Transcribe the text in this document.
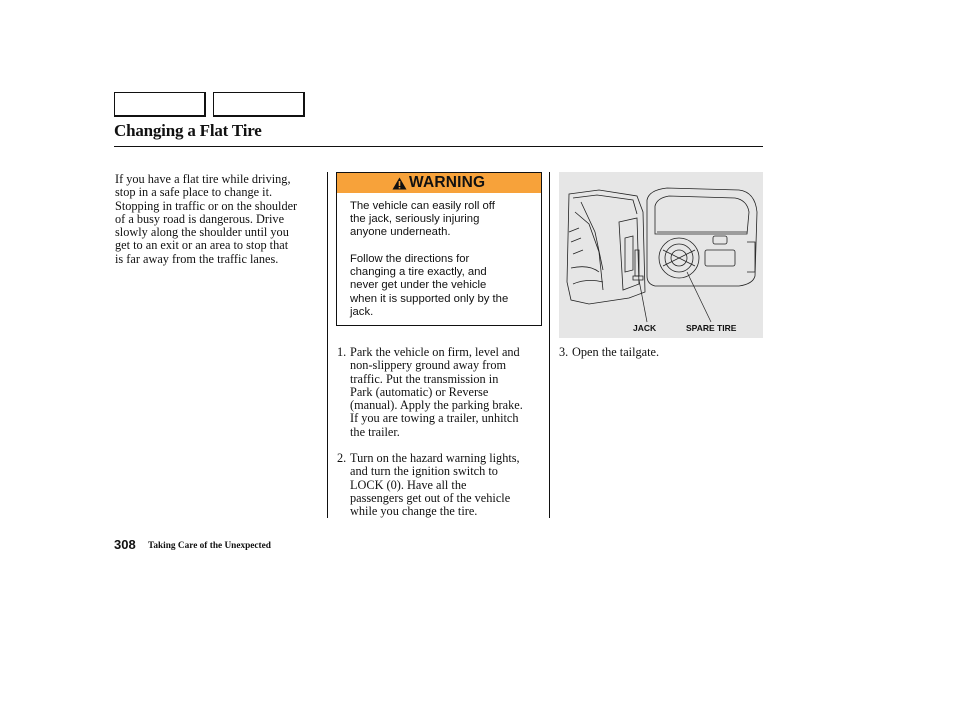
Changing a Flat Tire
If you have a flat tire while driving,
stop in a safe place to change it.
Stopping in traffic or on the shoulder
of a busy road is dangerous. Drive
slowly along the shoulder until you
get to an exit or an area to stop that
is far away from the traffic lanes.
WARNING
The vehicle can easily roll off
the jack, seriously injuring
anyone underneath.
Follow the directions for
changing a tire exactly, and
never get under the vehicle
when it is supported only by the
jack.
1. Park the vehicle on firm, level and
non-slippery ground away from
traffic. Put the transmission in
Park (automatic) or Reverse
(manual). Apply the parking brake.
If you are towing a trailer, unhitch
the trailer.
2. Turn on the hazard warning lights,
and turn the ignition switch to
LOCK (0). Have all the
passengers get out of the vehicle
while you change the tire.
JACK	SPARE TIRE
3. Open the tailgate.
308 Taking Care of the Unexpected
